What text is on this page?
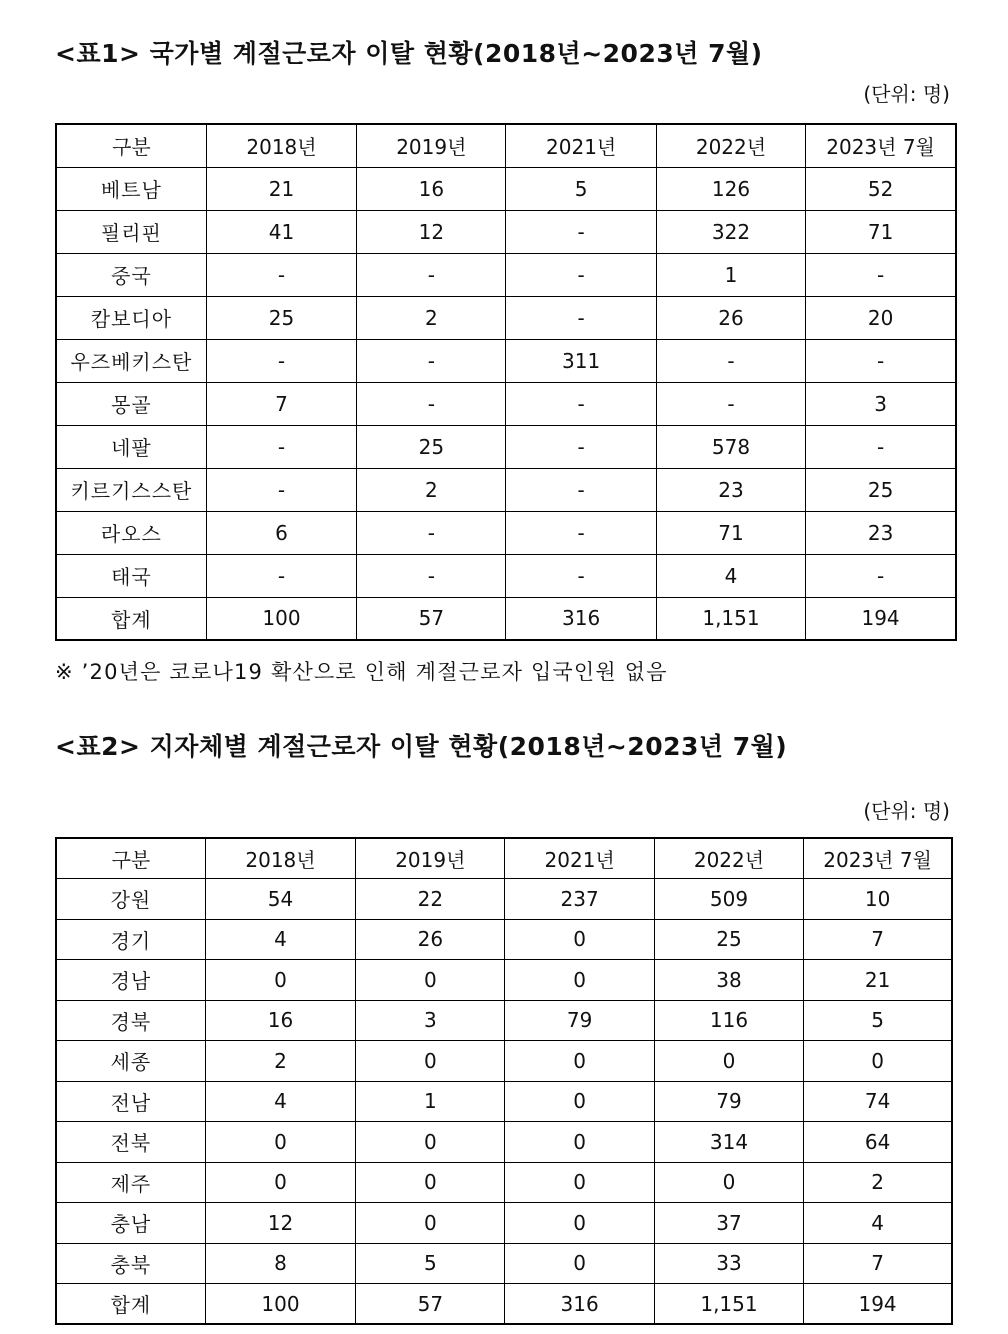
<표1> 국가별 계절근로자 이탈 현황(2018년~2023년 7월)
(단위: 명)
구분	2018년	2019년	2021년	2022년	2023년 7월
베트남	21	16	5	126	52
필리핀	41	12	-	322	71
중국	-	-	-	1	-
캄보디아	25	2	-	26	20
우즈베키스탄	-	-	311	-	-
몽골	7	-	-	-	3
네팔	-	25	-	578	-
키르기스스탄	-	2	-	23	25
라오스	6	-	-	71	23
태국	-	-	-	4	-
합계	100	57	316	1,151	194
※ ’20년은 코로나19 확산으로 인해 계절근로자 입국인원 없음
<표2> 지자체별 계절근로자 이탈 현황(2018년~2023년 7월)
(단위: 명)
구분	2018년	2019년	2021년	2022년	2023년 7월
강원	54	22	237	509	10
경기	4	26	0	25	7
경남	0	0	0	38	21
경북	16	3	79	116	5
세종	2	0	0	0	0
전남	4	1	0	79	74
전북	0	0	0	314	64
제주	0	0	0	0	2
충남	12	0	0	37	4
충북	8	5	0	33	7
합계	100	57	316	1,151	194
